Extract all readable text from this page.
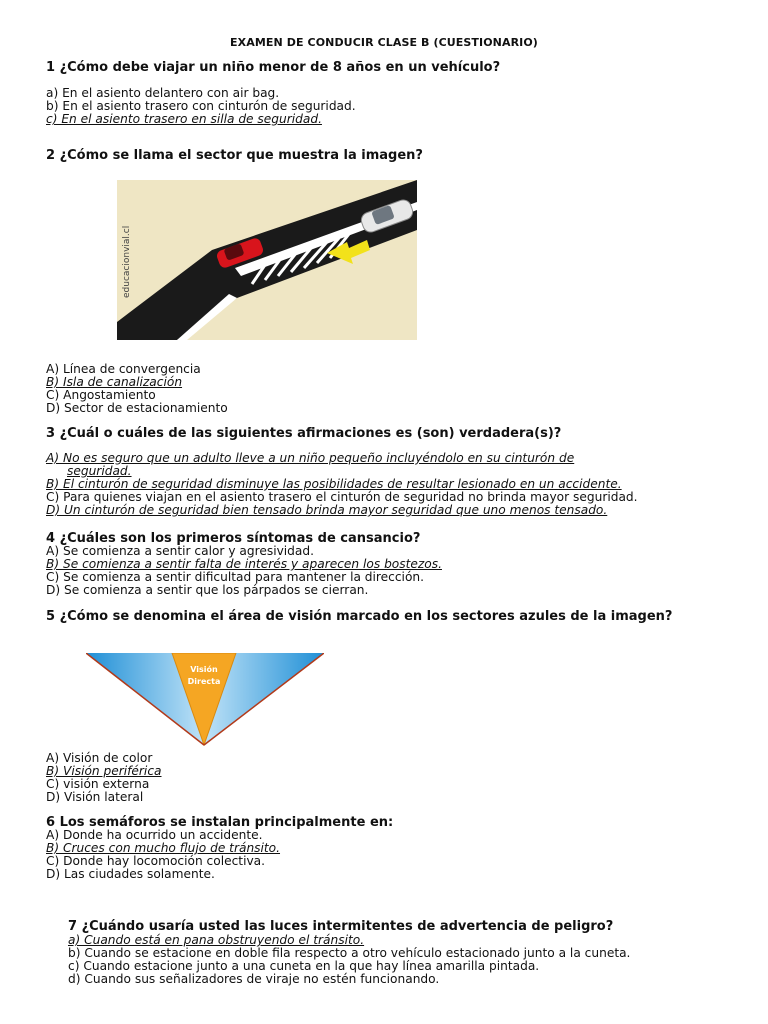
EXAMEN DE CONDUCIR CLASE B (CUESTIONARIO)
1 ¿Cómo debe viajar un niño menor de 8 años en un vehículo?
a) En el asiento delantero con air bag.
b) En el asiento trasero con cinturón de seguridad.
c) En el asiento trasero en silla de seguridad.
2 ¿Cómo se llama el sector que muestra la imagen?
educacionvial.cl
A) Línea de convergencia
B) Isla de canalización
C) Angostamiento
D) Sector de estacionamiento
3 ¿Cuál o cuáles de las siguientes afirmaciones es (son) verdadera(s)?
A) No es seguro que un adulto lleve a un niño pequeño incluyéndolo en su cinturón de
seguridad.
B) El cinturón de seguridad disminuye las posibilidades de resultar lesionado en un accidente.
C) Para quienes viajan en el asiento trasero el cinturón de seguridad no brinda mayor seguridad.
D) Un cinturón de seguridad bien tensado brinda mayor seguridad que uno menos tensado.
4 ¿Cuáles son los primeros síntomas de cansancio?
A) Se comienza a sentir calor y agresividad.
B) Se comienza a sentir falta de interés y aparecen los bostezos.
C) Se comienza a sentir dificultad para mantener la dirección.
D) Se comienza a sentir que los párpados se cierran.
5 ¿Cómo se denomina el área de visión marcado en los sectores azules de la imagen?
Visión
Directa
A) Visión de color
B) Visión periférica
C) visión externa
D) Visión lateral
6 Los semáforos se instalan principalmente en:
A) Donde ha ocurrido un accidente.
B) Cruces con mucho flujo de tránsito.
C) Donde hay locomoción colectiva.
D) Las ciudades solamente.
7 ¿Cuándo usaría usted las luces intermitentes de advertencia de peligro?
a) Cuando está en pana obstruyendo el tránsito.
b) Cuando se estacione en doble fila respecto a otro vehículo estacionado junto a la cuneta.
c) Cuando estacione junto a una cuneta en la que hay línea amarilla pintada.
d) Cuando sus señalizadores de viraje no estén funcionando.
